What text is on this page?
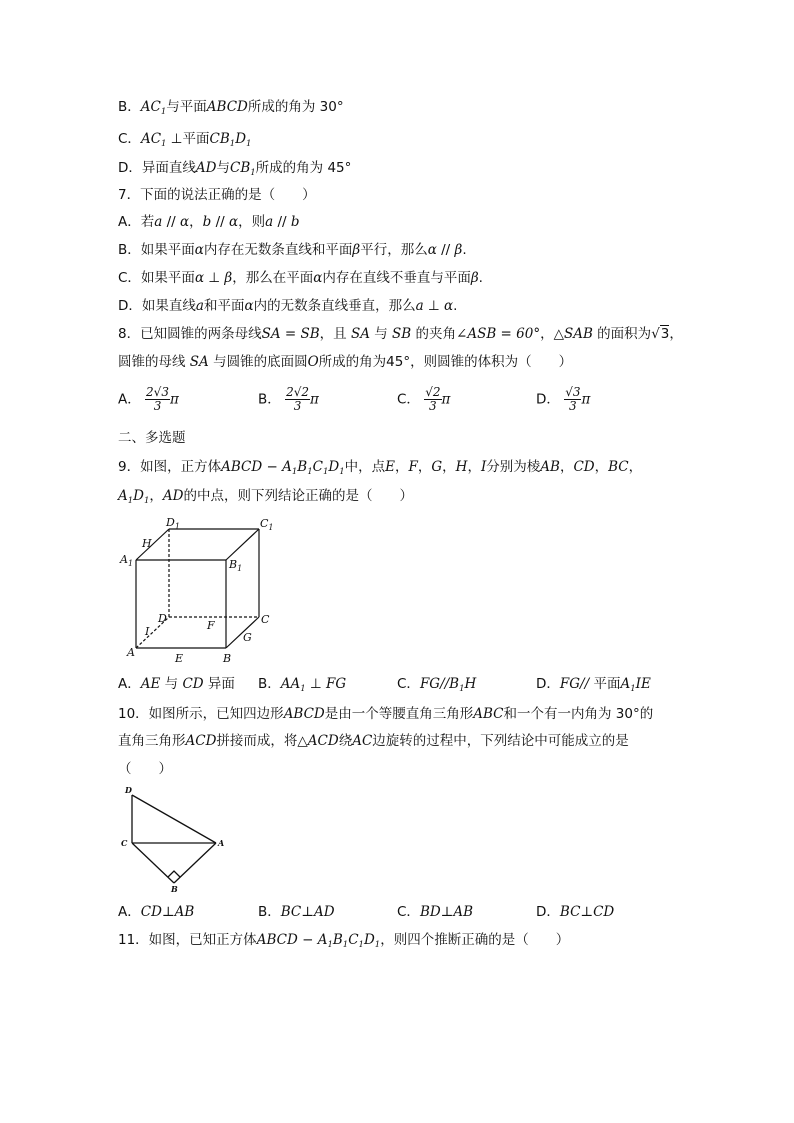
B．$AC_1$与平面ABCD所成的角为 30°
C．$AC_1$ ⊥平面$CB_1D_1$
D．异面直线AD与$CB_1$所成的角为 45°
7．下面的说法正确的是（　　）
A．若a // α，b // α，则a // b
B．如果平面α内存在无数条直线和平面β平行，那么α // β.
C．如果平面α ⊥ β，那么在平面α内存在直线不垂直与平面β.
D．如果直线a和平面α内的无数条直线垂直，那么a ⊥ α.
8．已知圆锥的两条母线SA = SB，且 SA 与 SB 的夹角∠ASB = 60°，△SAB 的面积为√3，
圆锥的母线 SA 与圆锥的底面圆O所成的角为45°，则圆锥的体积为（　　）
A． $\frac{2√3}{3}$ π	B． $\frac{2√2}{3}$ π	C． $\frac{√2}{3}$ π	D． $\frac{√3}{3}$ π
二、多选题
9．如图，正方体ABCD − $A_1B_1C_1D_1$中，点E，F，G，H，I分别为棱AB，CD，BC，
$A_1D_1$，AD的中点，则下列结论正确的是（　　）
$D_1$	$C_1$
H
$A_1$	$B_1$
D	C
F
I	G
A	E	B
A．AE 与 CD 异面 B．$AA_1$ ⊥ FG	C．$FG//B_1H$	D．FG// 平面$A_1IE$
10．如图所示，已知四边形ABCD是由一个等腰直角三角形ABC和一个有一内角为 30°的
直角三角形ACD拼接而成，将△ACD绕AC边旋转的过程中，下列结论中可能成立的是
（　　）
D
C	A
B
A．CD⊥AB	B．BC⊥AD	C．BD⊥AB	D．BC⊥CD
11．如图，已知正方体ABCD − $A_1B_1C_1D_1$，则四个推断正确的是（　　）
